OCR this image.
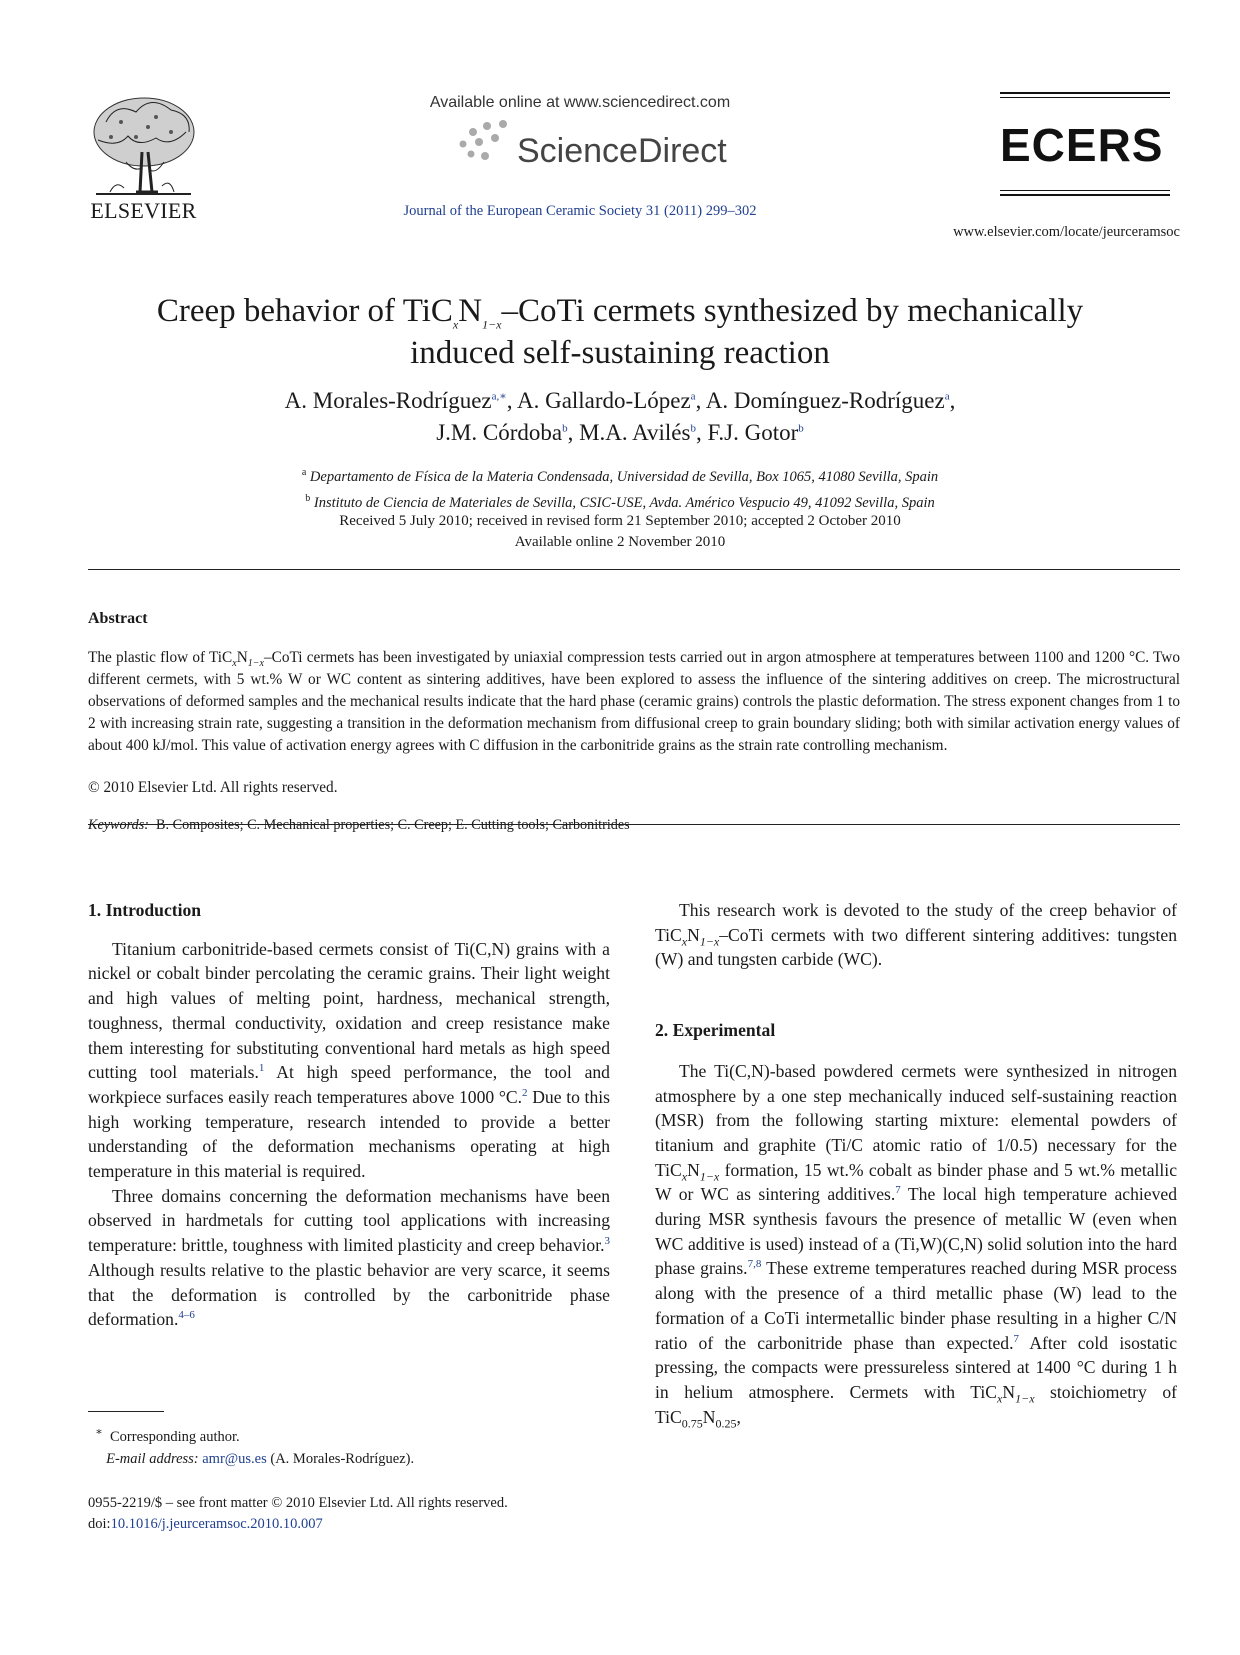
ELSEVIER
Available online at www.sciencedirect.com
ScienceDirect
Journal of the European Ceramic Society 31 (2011) 299–302
ECERS
www.elsevier.com/locate/jeurceramsoc
Creep behavior of $TiC_xN_{1-x}$–CoTi cermets synthesized by mechanically
induced self-sustaining reaction
A. Morales-Rodríguez$^{a,∗}$, A. Gallardo-López$^a$, A. Domínguez-Rodríguez$^a$,
J.M. Córdoba$^b$, M.A. Avilés$^b$, F.J. Gotor$^b$
$^a$ Departamento de Física de la Materia Condensada, Universidad de Sevilla, Box 1065, 41080 Sevilla, Spain
$^b$ Instituto de Ciencia de Materiales de Sevilla, CSIC-USE, Avda. Américo Vespucio 49, 41092 Sevilla, Spain
Received 5 July 2010; received in revised form 21 September 2010; accepted 2 October 2010
Available online 2 November 2010
Abstract
The plastic flow of $TiC_xN_{1-x}$–CoTi cermets has been investigated by uniaxial compression tests carried out in argon atmosphere at temperatures between 1100 and 1200 °C. Two different cermets, with 5 wt.% W or WC content as sintering additives, have been explored to assess the influence of the sintering additives on creep. The microstructural observations of deformed samples and the mechanical results indicate that the hard phase (ceramic grains) controls the plastic deformation. The stress exponent changes from 1 to 2 with increasing strain rate, suggesting a transition in the deformation mechanism from diffusional creep to grain boundary sliding; both with similar activation energy values of about 400 kJ/mol. This value of activation energy agrees with C diffusion in the carbonitride grains as the strain rate controlling mechanism.
© 2010 Elsevier Ltd. All rights reserved.
Keywords: B. Composites; C. Mechanical properties; C. Creep; E. Cutting tools; Carbonitrides

1. Introduction

Titanium carbonitride-based cermets consist of Ti(C,N) grains with a nickel or cobalt binder percolating the ceramic grains. Their light weight and high values of melting point, hardness, mechanical strength, toughness, thermal conductivity, oxidation and creep resistance make them interesting for substituting conventional hard metals as high speed cutting tool materials.$^1$ At high speed performance, the tool and workpiece surfaces easily reach temperatures above 1000 °C.$^2$ Due to this high working temperature, research intended to provide a better understanding of the deformation mechanisms operating at high temperature in this material is required.

Three domains concerning the deformation mechanisms have been observed in hardmetals for cutting tool applications with increasing temperature: brittle, toughness with limited plasticity and creep behavior.$^3$ Although results relative to the plastic behavior are very scarce, it seems that the deformation is controlled by the carbonitride phase deformation.$^{4-6}$

This research work is devoted to the study of the creep behavior of $TiC_xN_{1-x}$–CoTi cermets with two different sintering additives: tungsten (W) and tungsten carbide (WC).

2. Experimental

The Ti(C,N)-based powdered cermets were synthesized in nitrogen atmosphere by a one step mechanically induced self-sustaining reaction (MSR) from the following starting mixture: elemental powders of titanium and graphite (Ti/C atomic ratio of 1/0.5) necessary for the $TiC_xN_{1-x}$ formation, 15 wt.% cobalt as binder phase and 5 wt.% metallic W or WC as sintering additives.$^7$ The local high temperature achieved during MSR synthesis favours the presence of metallic W (even when WC additive is used) instead of a (Ti,W)(C,N) solid solution into the hard phase grains.$^{7,8}$ These extreme temperatures reached during MSR process along with the presence of a third metallic phase (W) lead to the formation of a CoTi intermetallic binder phase resulting in a higher C/N ratio of the carbonitride phase than expected.$^7$ After cold isostatic pressing, the compacts were pressureless sintered at 1400 °C during 1 h in helium atmosphere. Cermets with $TiC_xN_{1-x}$ stoichiometry of $TiC_{0.75}N_{0.25}$,

∗ Corresponding author.
E-mail address: amr@us.es (A. Morales-Rodríguez).
0955-2219/$ – see front matter © 2010 Elsevier Ltd. All rights reserved.
doi:10.1016/j.jeurceramsoc.2010.10.007
